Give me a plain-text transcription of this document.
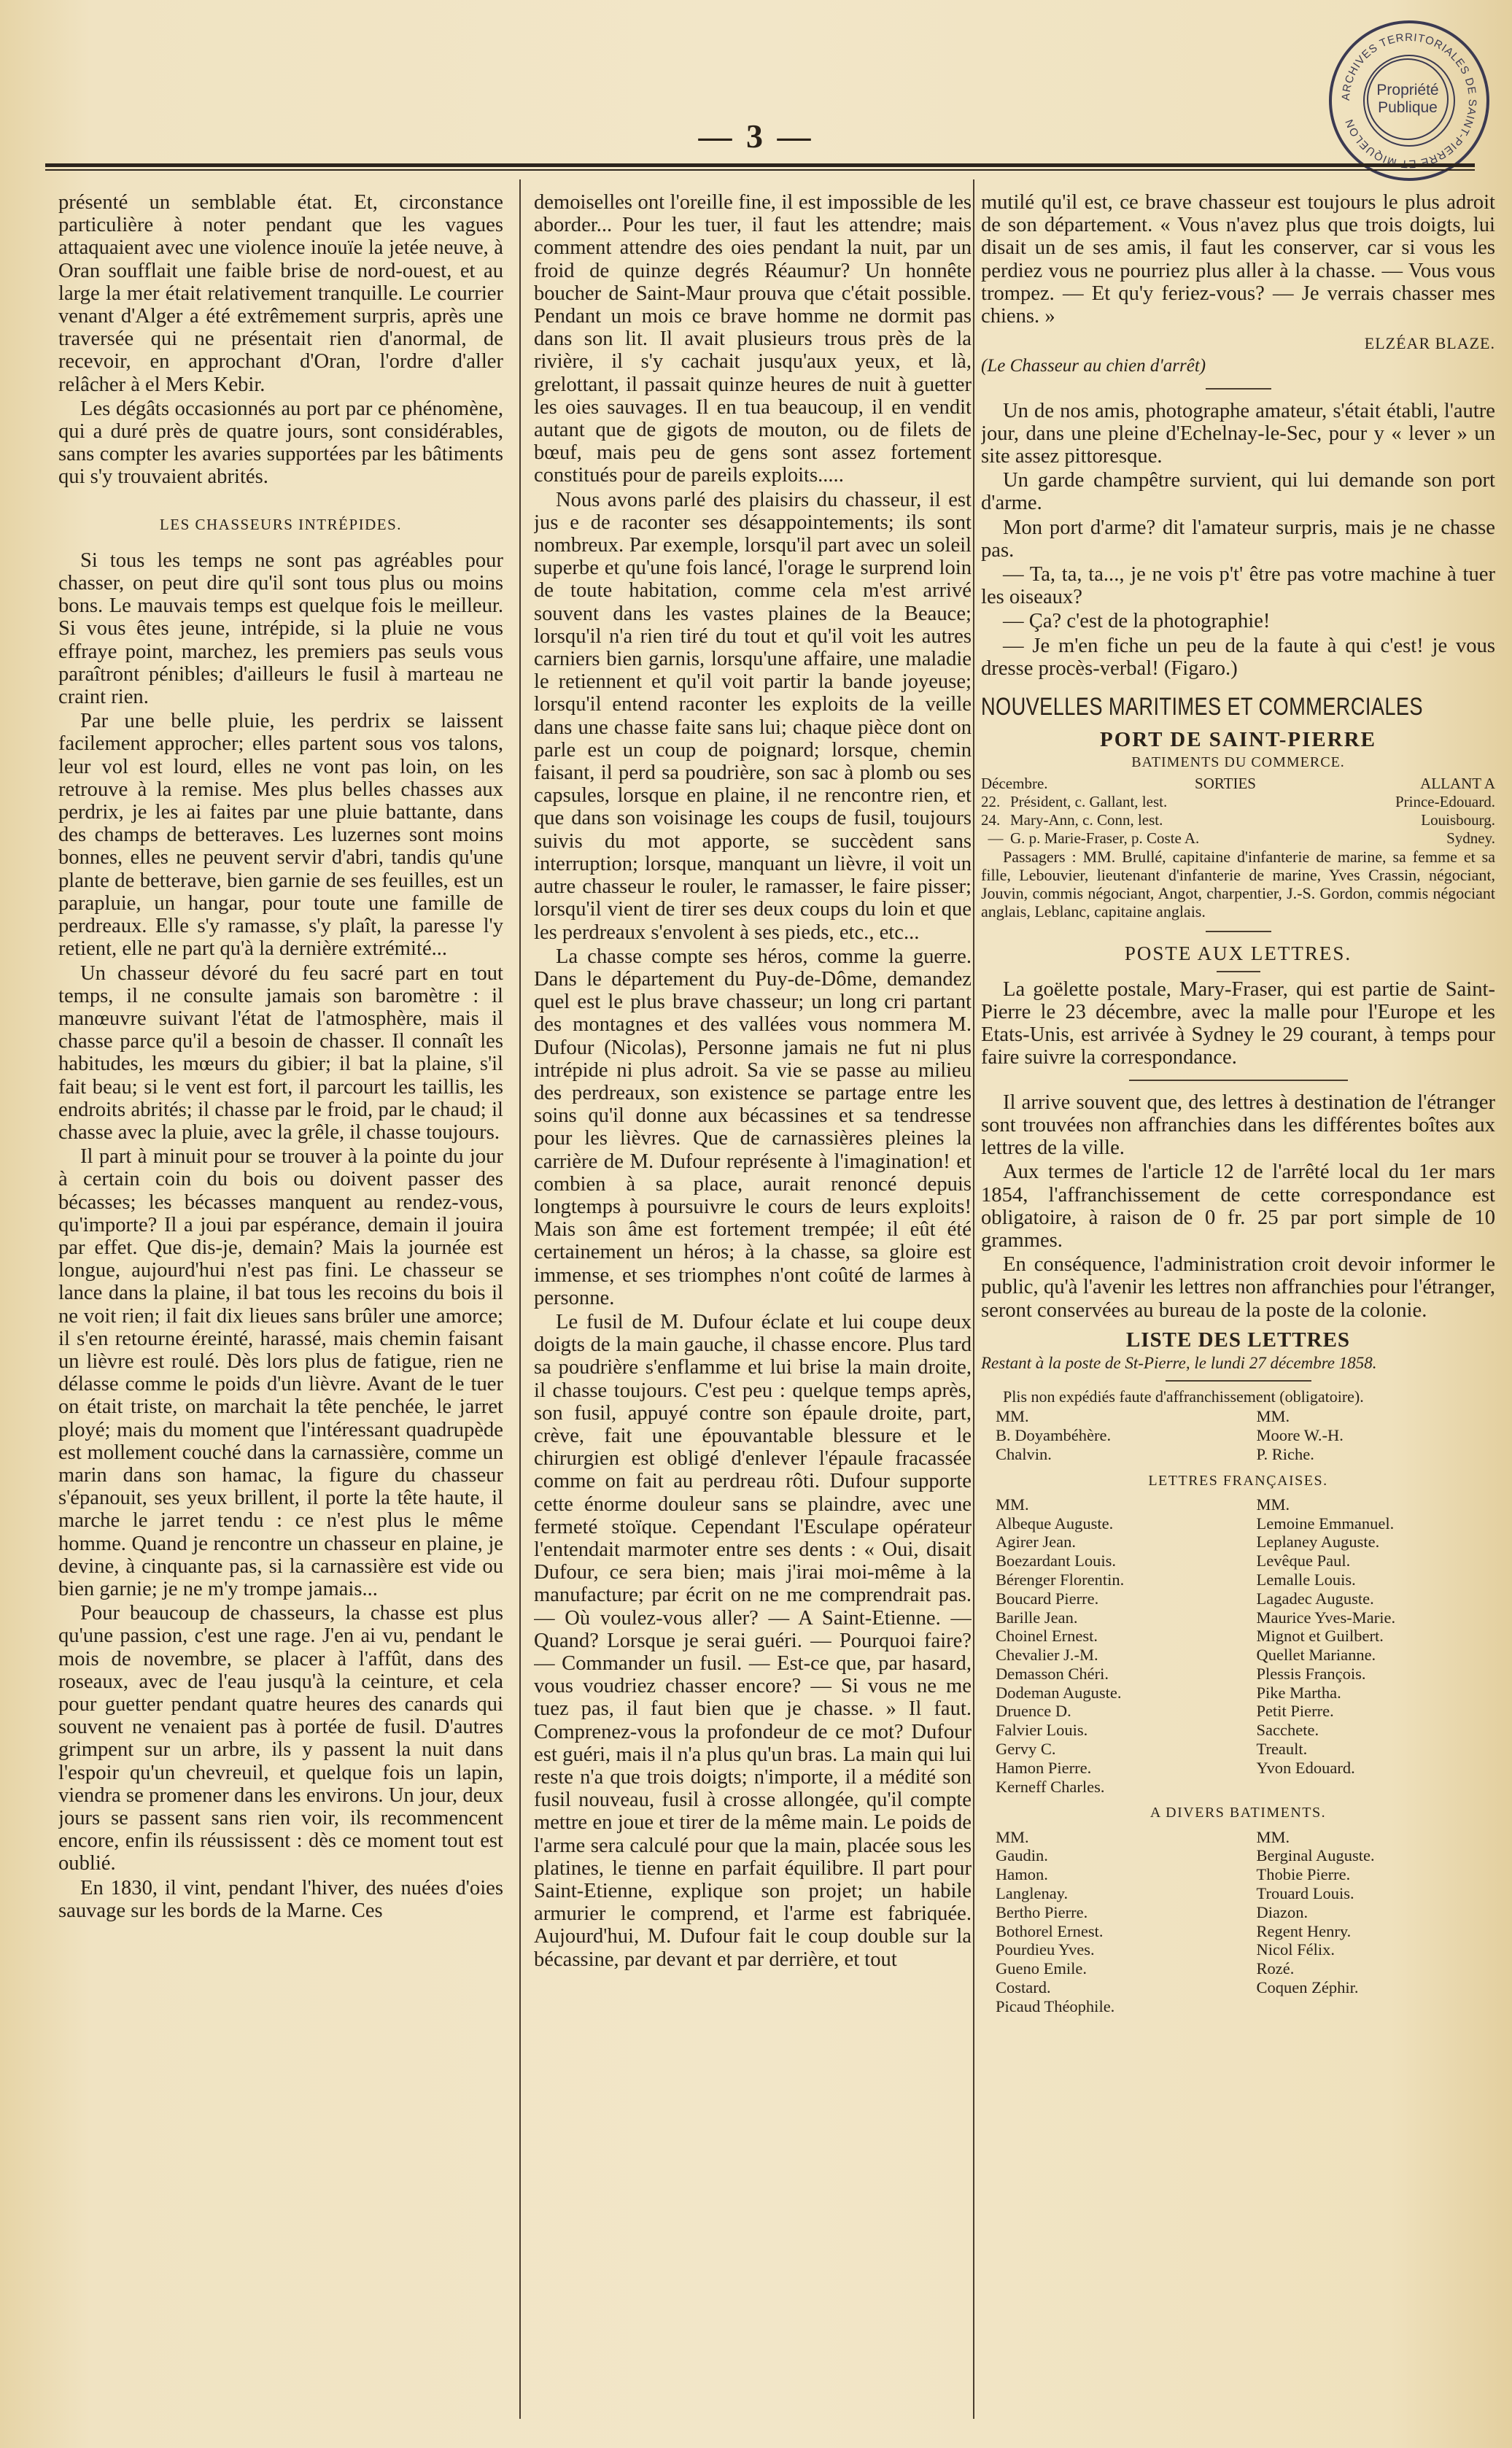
ARCHIVES TERRITORIALES DE SAINT-PIERRE ET MIQUELON
Propriété
Publique
— 3 —

présenté un semblable état. Et, circonstance particulière à noter pendant que les vagues attaquaient avec une violence inouïe la jetée neuve, à Oran soufflait une faible brise de nord-ouest, et au large la mer était relativement tranquille. Le courrier venant d'Alger a été extrêmement surpris, après une traversée qui ne présentait rien d'anormal, de recevoir, en approchant d'Oran, l'ordre d'aller relâcher à el Mers Kebir.

Les dégâts occasionnés au port par ce phénomène, qui a duré près de quatre jours, sont considérables, sans compter les avaries supportées par les bâtiments qui s'y trouvaient abrités.

LES CHASSEURS INTRÉPIDES.

Si tous les temps ne sont pas agréables pour chasser, on peut dire qu'il sont tous plus ou moins bons. Le mauvais temps est quelque fois le meilleur. Si vous êtes jeune, intrépide, si la pluie ne vous effraye point, marchez, les premiers pas seuls vous paraîtront pénibles; d'ailleurs le fusil à marteau ne craint rien.

Par une belle pluie, les perdrix se laissent facilement approcher; elles partent sous vos talons, leur vol est lourd, elles ne vont pas loin, on les retrouve à la remise. Mes plus belles chasses aux perdrix, je les ai faites par une pluie battante, dans des champs de betteraves. Les luzernes sont moins bonnes, elles ne peuvent servir d'abri, tandis qu'une plante de betterave, bien garnie de ses feuilles, est un parapluie, un hangar, pour toute une famille de perdreaux. Elle s'y ramasse, s'y plaît, la paresse l'y retient, elle ne part qu'à la dernière extrémité...

Un chasseur dévoré du feu sacré part en tout temps, il ne consulte jamais son baromètre : il manœuvre suivant l'état de l'atmosphère, mais il chasse parce qu'il a besoin de chasser. Il connaît les habitudes, les mœurs du gibier; il bat la plaine, s'il fait beau; si le vent est fort, il parcourt les taillis, les endroits abrités; il chasse par le froid, par le chaud; il chasse avec la pluie, avec la grêle, il chasse toujours.

Il part à minuit pour se trouver à la pointe du jour à certain coin du bois ou doivent passer des bécasses; les bécasses manquent au rendez-vous, qu'importe? Il a joui par espérance, demain il jouira par effet. Que dis-je, demain? Mais la journée est longue, aujourd'hui n'est pas fini. Le chasseur se lance dans la plaine, il bat tous les recoins du bois il ne voit rien; il fait dix lieues sans brûler une amorce; il s'en retourne éreinté, harassé, mais chemin faisant un lièvre est roulé. Dès lors plus de fatigue, rien ne délasse comme le poids d'un lièvre. Avant de le tuer on était triste, on marchait la tête penchée, le jarret ployé; mais du moment que l'intéressant quadrupède est mollement couché dans la carnassière, comme un marin dans son hamac, la figure du chasseur s'épanouit, ses yeux brillent, il porte la tête haute, il marche le jarret tendu : ce n'est plus le même homme. Quand je rencontre un chasseur en plaine, je devine, à cinquante pas, si la carnassière est vide ou bien garnie; je ne m'y trompe jamais...

Pour beaucoup de chasseurs, la chasse est plus qu'une passion, c'est une rage. J'en ai vu, pendant le mois de novembre, se placer à l'affût, dans des roseaux, avec de l'eau jusqu'à la ceinture, et cela pour guetter pendant quatre heures des canards qui souvent ne venaient pas à portée de fusil. D'autres grimpent sur un arbre, ils y passent la nuit dans l'espoir qu'un chevreuil, et quelque fois un lapin, viendra se promener dans les environs. Un jour, deux jours se passent sans rien voir, ils recommencent encore, enfin ils réussissent : dès ce moment tout est oublié.

En 1830, il vint, pendant l'hiver, des nuées d'oies sauvage sur les bords de la Marne. Ces

demoiselles ont l'oreille fine, il est impossible de les aborder... Pour les tuer, il faut les attendre; mais comment attendre des oies pendant la nuit, par un froid de quinze degrés Réaumur? Un honnête boucher de Saint-Maur prouva que c'était possible. Pendant un mois ce brave homme ne dormit pas dans son lit. Il avait plusieurs trous près de la rivière, il s'y cachait jusqu'aux yeux, et là, grelottant, il passait quinze heures de nuit à guetter les oies sauvages. Il en tua beaucoup, il en vendit autant que de gigots de mouton, ou de filets de bœuf, mais peu de gens sont assez fortement constitués pour de pareils exploits.....

Nous avons parlé des plaisirs du chasseur, il est jus e de raconter ses désappointements; ils sont nombreux. Par exemple, lorsqu'il part avec un soleil superbe et qu'une fois lancé, l'orage le surprend loin de toute habitation, comme cela m'est arrivé souvent dans les vastes plaines de la Beauce; lorsqu'il n'a rien tiré du tout et qu'il voit les autres carniers bien garnis, lorsqu'une affaire, une maladie le retiennent et qu'il voit partir la bande joyeuse; lorsqu'il entend raconter les exploits de la veille dans une chasse faite sans lui; chaque pièce dont on parle est un coup de poignard; lorsque, chemin faisant, il perd sa poudrière, son sac à plomb ou ses capsules, lorsque en plaine, il ne rencontre rien, et que dans son voisinage les coups de fusil, toujours suivis du mot apporte, se succèdent sans interruption; lorsque, manquant un lièvre, il voit un autre chasseur le rouler, le ramasser, le faire pisser; lorsqu'il vient de tirer ses deux coups du loin et que les perdreaux s'envolent à ses pieds, etc., etc...

La chasse compte ses héros, comme la guerre. Dans le département du Puy-de-Dôme, demandez quel est le plus brave chasseur; un long cri partant des montagnes et des vallées vous nommera M. Dufour (Nicolas), Personne jamais ne fut ni plus intrépide ni plus adroit. Sa vie se passe au milieu des perdreaux, son existence se partage entre les soins qu'il donne aux bécassines et sa tendresse pour les lièvres. Que de carnassières pleines la carrière de M. Dufour représente à l'imagination! et combien à sa place, aurait renoncé depuis longtemps à poursuivre le cours de leurs exploits! Mais son âme est fortement trempée; il eût été certainement un héros; à la chasse, sa gloire est immense, et ses triomphes n'ont coûté de larmes à personne.

Le fusil de M. Dufour éclate et lui coupe deux doigts de la main gauche, il chasse encore. Plus tard sa poudrière s'enflamme et lui brise la main droite, il chasse toujours. C'est peu : quelque temps après, son fusil, appuyé contre son épaule droite, part, crève, fait une épouvantable blessure et le chirurgien est obligé d'enlever l'épaule fracassée comme on fait au perdreau rôti. Dufour supporte cette énorme douleur sans se plaindre, avec une fermeté stoïque. Cependant l'Esculape opérateur l'entendait marmoter entre ses dents : « Oui, disait Dufour, ce sera bien; mais j'irai moi-même à la manufacture; par écrit on ne me comprendrait pas. — Où voulez-vous aller? — A Saint-Etienne. — Quand? Lorsque je serai guéri. — Pourquoi faire? — Commander un fusil. — Est-ce que, par hasard, vous voudriez chasser encore? — Si vous ne me tuez pas, il faut bien que je chasse. » Il faut. Comprenez-vous la profondeur de ce mot? Dufour est guéri, mais il n'a plus qu'un bras. La main qui lui reste n'a que trois doigts; n'importe, il a médité son fusil nouveau, fusil à crosse allongée, qu'il compte mettre en joue et tirer de la même main. Le poids de l'arme sera calculé pour que la main, placée sous les platines, le tienne en parfait équilibre. Il part pour Saint-Etienne, explique son projet; un habile armurier le comprend, et l'arme est fabriquée. Aujourd'hui, M. Dufour fait le coup double sur la bécassine, par devant et par derrière, et tout

mutilé qu'il est, ce brave chasseur est toujours le plus adroit de son département. « Vous n'avez plus que trois doigts, lui disait un de ses amis, il faut les conserver, car si vous les perdiez vous ne pourriez plus aller à la chasse. — Vous vous trompez. — Et qu'y feriez-vous? — Je verrais chasser mes chiens. »

ELZÉAR BLAZE.
(Le Chasseur au chien d'arrêt)

Un de nos amis, photographe amateur, s'était établi, l'autre jour, dans une pleine d'Echelnay-le-Sec, pour y « lever » un site assez pittoresque.

Un garde champêtre survient, qui lui demande son port d'arme.

Mon port d'arme? dit l'amateur surpris, mais je ne chasse pas.

— Ta, ta, ta..., je ne vois p't' être pas votre machine à tuer les oiseaux?

— Ça? c'est de la photographie!

— Je m'en fiche un peu de la faute à qui c'est! je vous dresse procès-verbal! (Figaro.)

NOUVELLES MARITIMES ET COMMERCIALES
PORT DE SAINT-PIERRE
BATIMENTS DU COMMERCE.
Décembre.	SORTIES	ALLANT A
22. Président, c. Gallant, lest.	Prince-Edouard.
24. Mary-Ann, c. Conn, lest.	Louisbourg.
— G. p. Marie-Fraser, p. Coste A.	Sydney.

Passagers : MM. Brullé, capitaine d'infanterie de marine, sa femme et sa fille, Lebouvier, lieutenant d'infanterie de marine, Yves Crassin, négociant, Jouvin, commis négociant, Angot, charpentier, J.-S. Gordon, commis négociant anglais, Leblanc, capitaine anglais.

POSTE AUX LETTRES.

La goëlette postale, Mary-Fraser, qui est partie de Saint-Pierre le 23 décembre, avec la malle pour l'Europe et les Etats-Unis, est arrivée à Sydney le 29 courant, à temps pour faire suivre la correspondance.

Il arrive souvent que, des lettres à destination de l'étranger sont trouvées non affranchies dans les différentes boîtes aux lettres de la ville.

Aux termes de l'article 12 de l'arrêté local du 1er mars 1854, l'affranchissement de cette correspondance est obligatoire, à raison de 0 fr. 25 par port simple de 10 grammes.

En conséquence, l'administration croit devoir informer le public, qu'à l'avenir les lettres non affranchies pour l'étranger, seront conservées au bureau de la poste de la colonie.

LISTE DES LETTRES
Restant à la poste de St-Pierre, le lundi 27 décembre 1858.

Plis non expédiés faute d'affranchissement (obligatoire).

MM.
B. Doyambéhère.
Chalvin.
MM.
Moore W.-H.
P. Riche.
LETTRES FRANÇAISES.
MM.
Albeque Auguste.
Agirer Jean.
Boezardant Louis.
Bérenger Florentin.
Boucard Pierre.
Barille Jean.
Choinel Ernest.
Chevalier J.-M.
Demasson Chéri.
Dodeman Auguste.
Druence D.
Falvier Louis.
Gervy C.
Hamon Pierre.
Kerneff Charles.
MM.
Lemoine Emmanuel.
Leplaney Auguste.
Levêque Paul.
Lemalle Louis.
Lagadec Auguste.
Maurice Yves-Marie.
Mignot et Guilbert.
Quellet Marianne.
Plessis François.
Pike Martha.
Petit Pierre.
Sacchete.
Treault.
Yvon Edouard.
A DIVERS BATIMENTS.
MM.
Gaudin.
Hamon.
Langlenay.
Bertho Pierre.
Bothorel Ernest.
Pourdieu Yves.
Gueno Emile.
Costard.
Picaud Théophile.
MM.
Berginal Auguste.
Thobie Pierre.
Trouard Louis.
Diazon.
Regent Henry.
Nicol Félix.
Rozé.
Coquen Zéphir.
